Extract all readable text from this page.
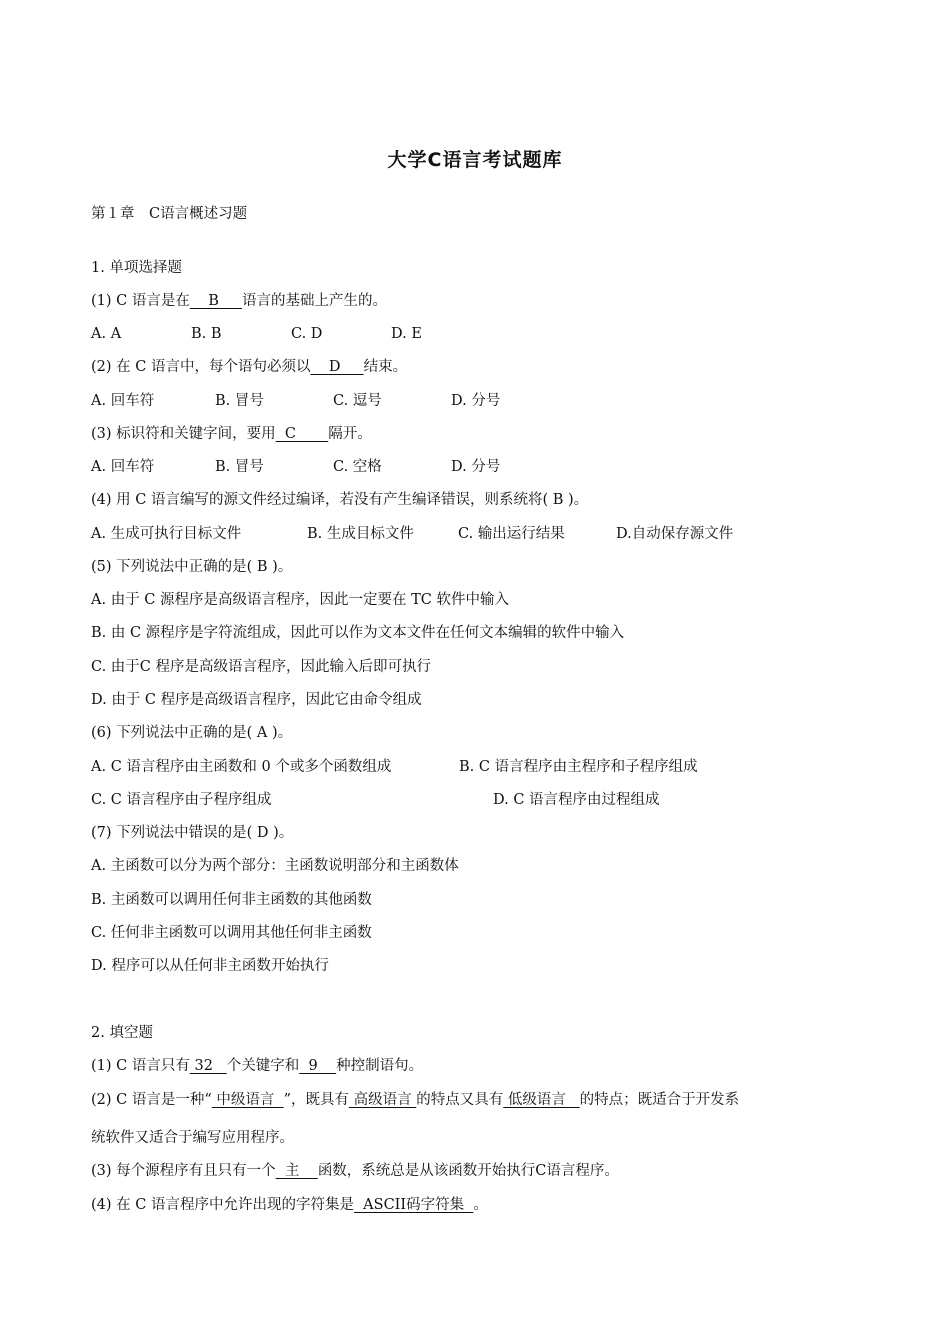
大学C语言考试题库
第１章　C语言概述习题
1. 单项选择题
(1) C 语言是在    B     语言的基础上产生的。
A. A	B. B	C. D	D. E
(2) 在 C 语言中，每个语句必须以    D     结束。
A. 回车符	B. 冒号	C. 逗号	D. 分号
(3) 标识符和关键字间，要用  C       隔开。
A. 回车符	B. 冒号	C. 空格	D. 分号
(4) 用 C 语言编写的源文件经过编译，若没有产生编译错误，则系统将( B )。
A. 生成可执行目标文件	B. 生成目标文件	C. 输出运行结果	D.自动保存源文件
(5) 下列说法中正确的是( B )。
A. 由于 C 源程序是高级语言程序，因此一定要在 TC 软件中输入
B. 由 C 源程序是字符流组成，因此可以作为文本文件在任何文本编辑的软件中输入
C. 由于C 程序是高级语言程序，因此输入后即可执行
D. 由于 C 程序是高级语言程序，因此它由命令组成
(6) 下列说法中正确的是( A )。
A. C 语言程序由主函数和 0 个或多个函数组成	B. C 语言程序由主程序和子程序组成
C. C 语言程序由子程序组成	D. C 语言程序由过程组成
(7) 下列说法中错误的是( D )。
A. 主函数可以分为两个部分：主函数说明部分和主函数体
B. 主函数可以调用任何非主函数的其他函数
C. 任何非主函数可以调用其他任何非主函数
D. 程序可以从任何非主函数开始执行
2. 填空题
(1) C 语言只有 32   个关键字和  9    种控制语句。
(2) C 语言是一种“ 中级语言  ”，既具有 高级语言 的特点又具有 低级语言   的特点；既适合于开发系
统软件又适合于编写应用程序。
(3) 每个源程序有且只有一个  主    函数，系统总是从该函数开始执行C语言程序。
(4) 在 C 语言程序中允许出现的字符集是  ASCII码字符集  。
